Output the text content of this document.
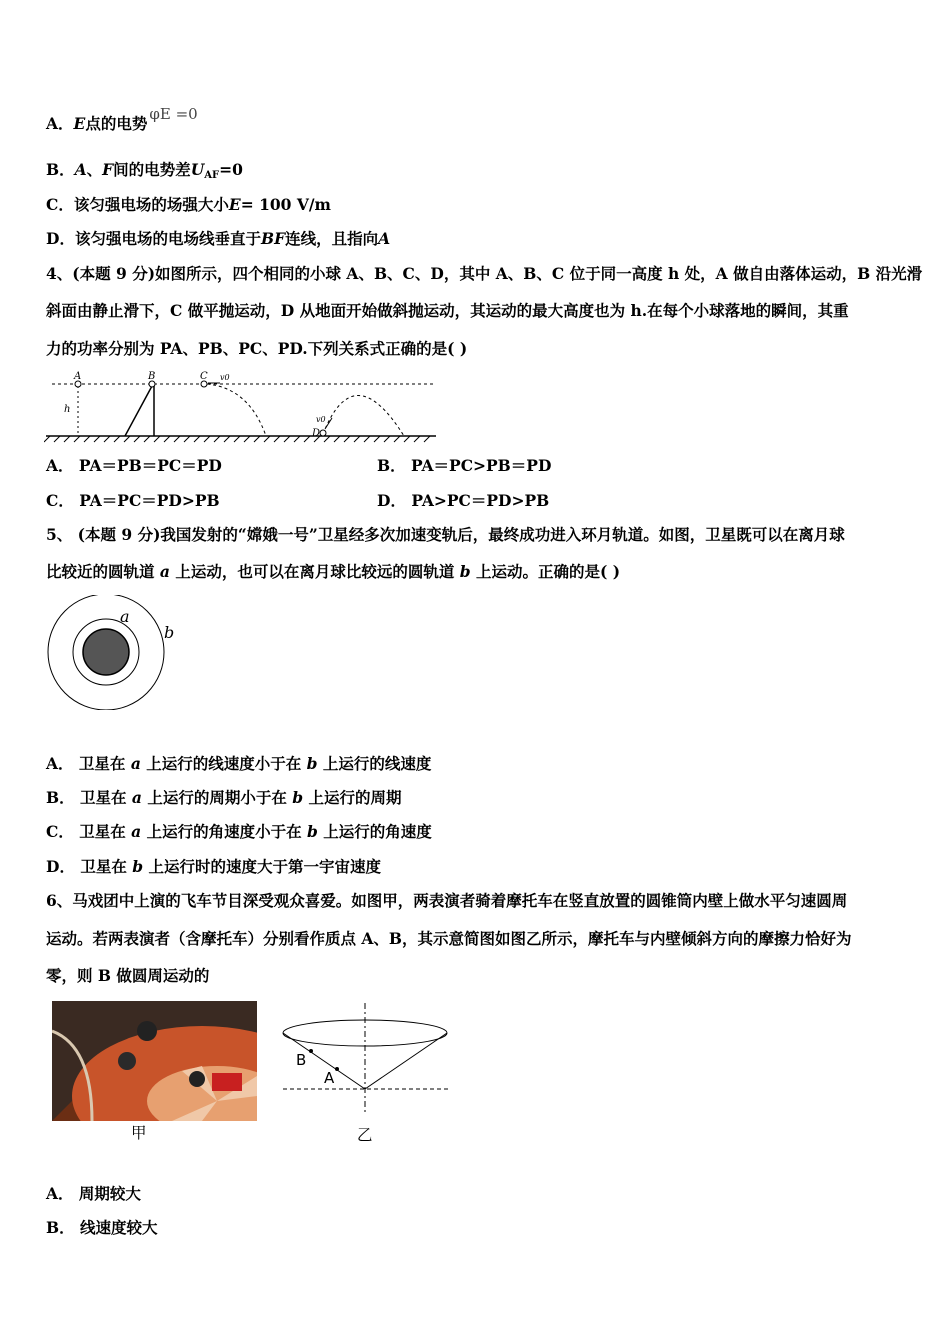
A．E点的电势 φE =0
B．A、F间的电势差$U_{AF}=0$
C．该匀强电场的场强大小E= 100 V/m
D．该匀强电场的电场线垂直于BF连线，且指向A
4、(本题 9 分)如图所示，四个相同的小球 A、B、C、D，其中 A、B、C 位于同一高度 h 处，A 做自由落体运动，B 沿光滑
斜面由静止滑下，C 做平抛运动，D 从地面开始做斜抛运动，其运动的最大高度也为 h.在每个小球落地的瞬间，其重
力的功率分别为 PA、PB、PC、PD.下列关系式正确的是( )
A
h
B	C v0
D
v0
A． PA＝PB＝PC＝PD	B． PA＝PC>PB＝PD
C． PA＝PC＝PD>PB	D． PA>PC＝PD>PB
5、 (本题 9 分)我国发射的“嫦娥一号”卫星经多次加速变轨后，最终成功进入环月轨道。如图，卫星既可以在离月球
比较近的圆轨道 a 上运动，也可以在离月球比较远的圆轨道 b 上运动。正确的是( )
a
b
A． 卫星在 a 上运行的线速度小于在 b 上运行的线速度
B． 卫星在 a 上运行的周期小于在 b 上运行的周期
C． 卫星在 a 上运行的角速度小于在 b 上运行的角速度
D． 卫星在 b 上运行时的速度大于第一宇宙速度
6、马戏团中上演的飞车节目深受观众喜爱。如图甲，两表演者骑着摩托车在竖直放置的圆锥筒内壁上做水平匀速圆周
运动。若两表演者（含摩托车）分别看作质点 A、B，其示意简图如图乙所示，摩托车与内壁倾斜方向的摩擦力恰好为
零，则 B 做圆周运动的
甲
B
A
乙
A． 周期较大
B． 线速度较大
